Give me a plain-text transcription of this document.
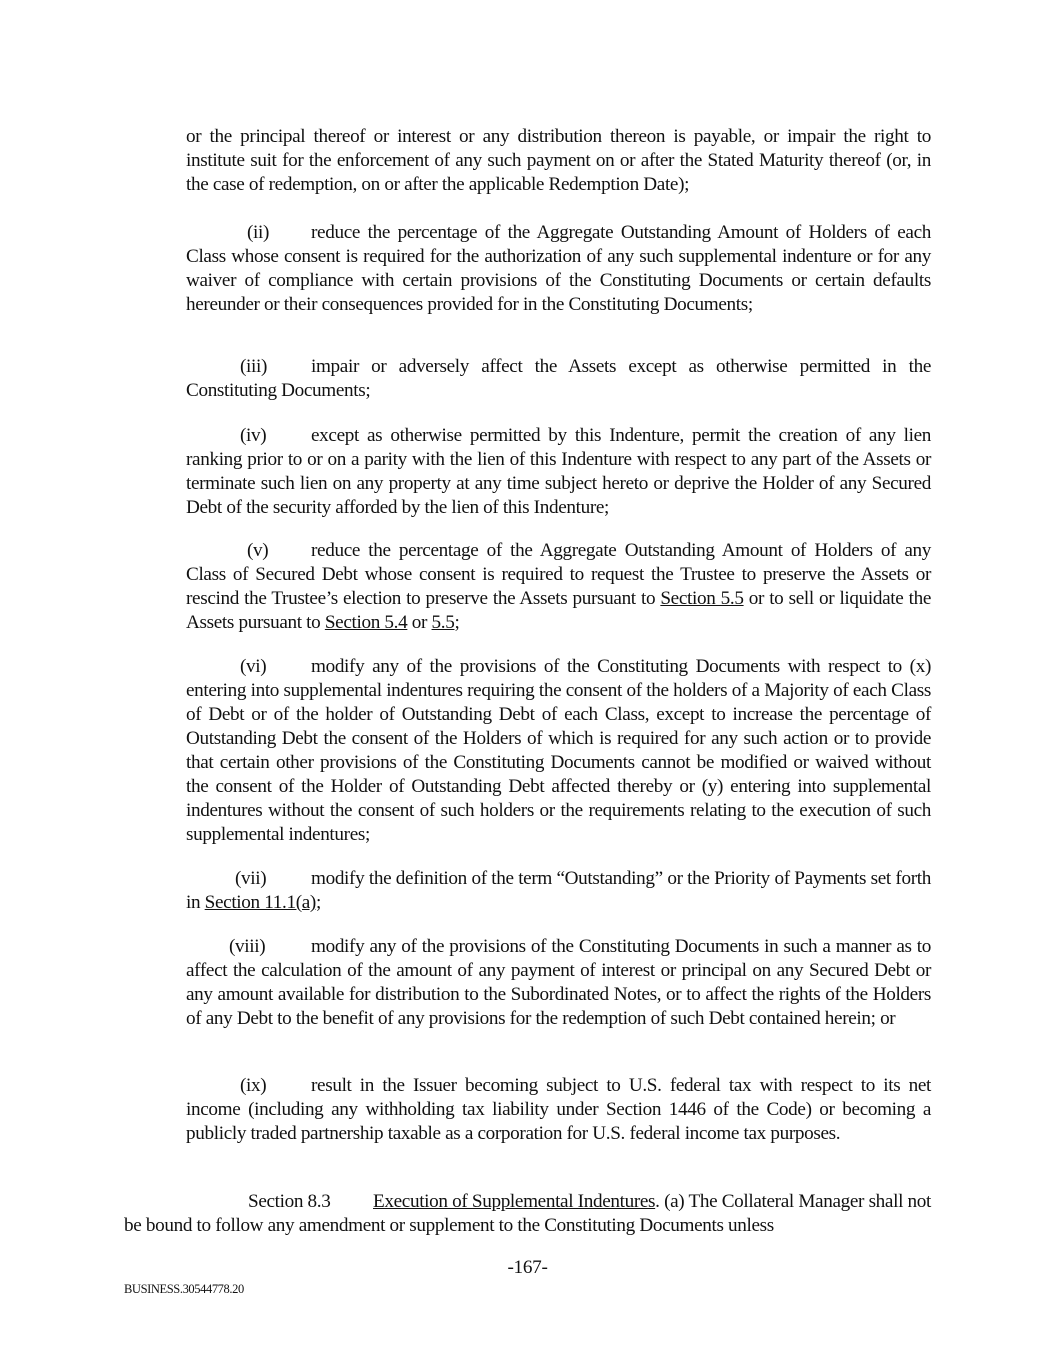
or the principal thereof or interest or any distribution thereon is payable, or impair the right to institute suit for the enforcement of any such payment on or after the Stated Maturity thereof (or, in the case of redemption, on or after the applicable Redemption Date);
(ii) reduce the percentage of the Aggregate Outstanding Amount of Holders of each Class whose consent is required for the authorization of any such supplemental indenture or for any waiver of compliance with certain provisions of the Constituting Documents or certain defaults hereunder or their consequences provided for in the Constituting Documents;
(iii) impair or adversely affect the Assets except as otherwise permitted in the Constituting Documents;
(iv) except as otherwise permitted by this Indenture, permit the creation of any lien ranking prior to or on a parity with the lien of this Indenture with respect to any part of the Assets or terminate such lien on any property at any time subject hereto or deprive the Holder of any Secured Debt of the security afforded by the lien of this Indenture;
(v) reduce the percentage of the Aggregate Outstanding Amount of Holders of any Class of Secured Debt whose consent is required to request the Trustee to preserve the Assets or rescind the Trustee’s election to preserve the Assets pursuant to Section 5.5 or to sell or liquidate the Assets pursuant to Section 5.4 or 5.5;
(vi) modify any of the provisions of the Constituting Documents with respect to (x) entering into supplemental indentures requiring the consent of the holders of a Majority of each Class of Debt or of the holder of Outstanding Debt of each Class, except to increase the percentage of Outstanding Debt the consent of the Holders of which is required for any such action or to provide that certain other provisions of the Constituting Documents cannot be modified or waived without the consent of the Holder of Outstanding Debt affected thereby or (y) entering into supplemental indentures without the consent of such holders or the requirements relating to the execution of such supplemental indentures;
(vii) modify the definition of the term “Outstanding” or the Priority of Payments set forth in Section 11.1(a);
(viii) modify any of the provisions of the Constituting Documents in such a manner as to affect the calculation of the amount of any payment of interest or principal on any Secured Debt or any amount available for distribution to the Subordinated Notes, or to affect the rights of the Holders of any Debt to the benefit of any provisions for the redemption of such Debt contained herein; or
(ix) result in the Issuer becoming subject to U.S. federal tax with respect to its net income (including any withholding tax liability under Section 1446 of the Code) or becoming a publicly traded partnership taxable as a corporation for U.S. federal income tax purposes.
Section 8.3 Execution of Supplemental Indentures. (a) The Collateral Manager shall not be bound to follow any amendment or supplement to the Constituting Documents unless
-167-
BUSINESS.30544778.20
